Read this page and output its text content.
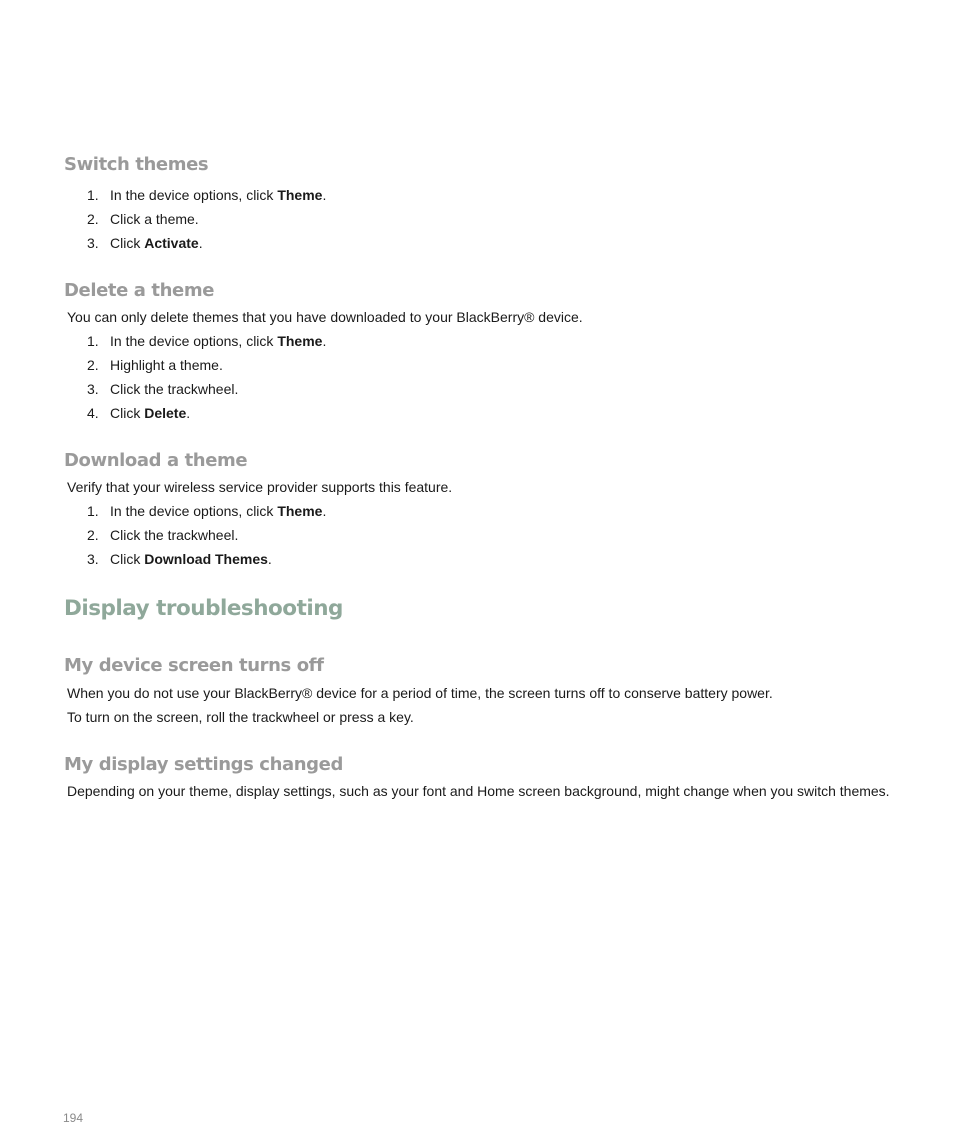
Switch themes
1. In the device options, click Theme.
2. Click a theme.
3. Click Activate.
Delete a theme
You can only delete themes that you have downloaded to your BlackBerry® device.
1. In the device options, click Theme.
2. Highlight a theme.
3. Click the trackwheel.
4. Click Delete.
Download a theme
Verify that your wireless service provider supports this feature.
1. In the device options, click Theme.
2. Click the trackwheel.
3. Click Download Themes.
Display troubleshooting
My device screen turns off
When you do not use your BlackBerry® device for a period of time, the screen turns off to conserve battery power.
To turn on the screen, roll the trackwheel or press a key.
My display settings changed
Depending on your theme, display settings, such as your font and Home screen background, might change when you switch themes.
194
